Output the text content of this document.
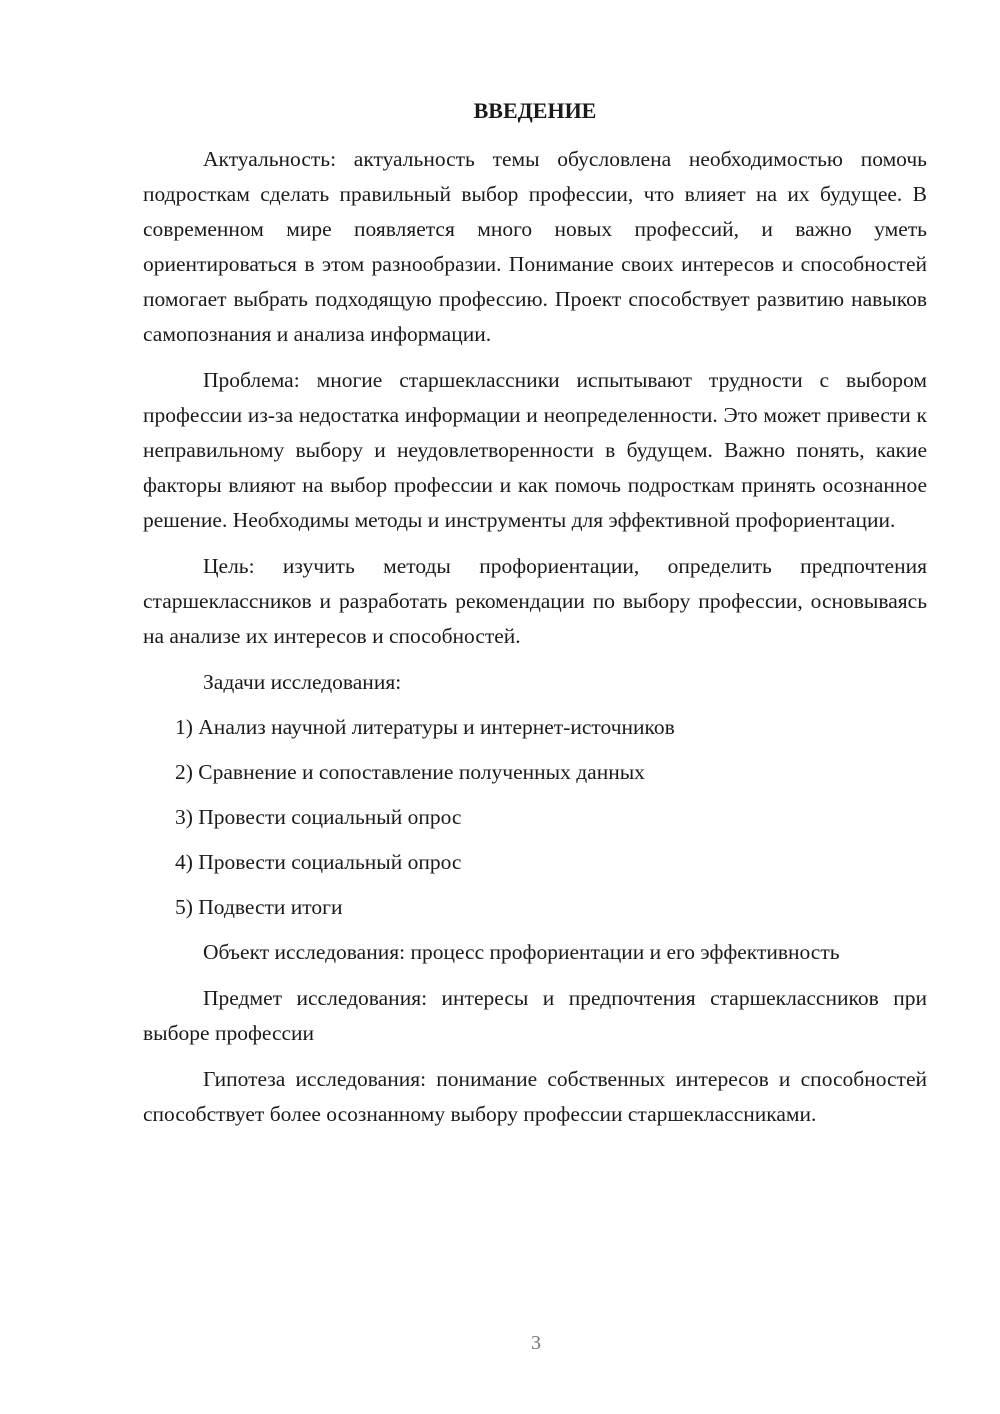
ВВЕДЕНИЕ

Актуальность: актуальность темы обусловлена необходимостью помочь подросткам сделать правильный выбор профессии, что влияет на их будущее. В современном мире появляется много новых профессий, и важно уметь ориентироваться в этом разнообразии. Понимание своих интересов и способностей помогает выбрать подходящую профессию. Проект способствует развитию навыков самопознания и анализа информации.

Проблема: многие старшеклассники испытывают трудности с выбором профессии из-за недостатка информации и неопределенности. Это может привести к неправильному выбору и неудовлетворенности в будущем. Важно понять, какие факторы влияют на выбор профессии и как помочь подросткам принять осознанное решение. Необходимы методы и инструменты для эффективной профориентации.

Цель: изучить методы профориентации, определить предпочтения старшеклассников и разработать рекомендации по выбору профессии, основываясь на анализе их интересов и способностей.

Задачи исследования:
1) Анализ научной литературы и интернет-источников
2) Сравнение и сопоставление полученных данных
3) Провести социальный опрос
4) Провести социальный опрос
5) Подвести итоги

Объект исследования: процесс профориентации и его эффективность

Предмет исследования: интересы и предпочтения старшеклассников при выборе профессии

Гипотеза исследования: понимание собственных интересов и способностей способствует более осознанному выбору профессии старшеклассниками.

3
